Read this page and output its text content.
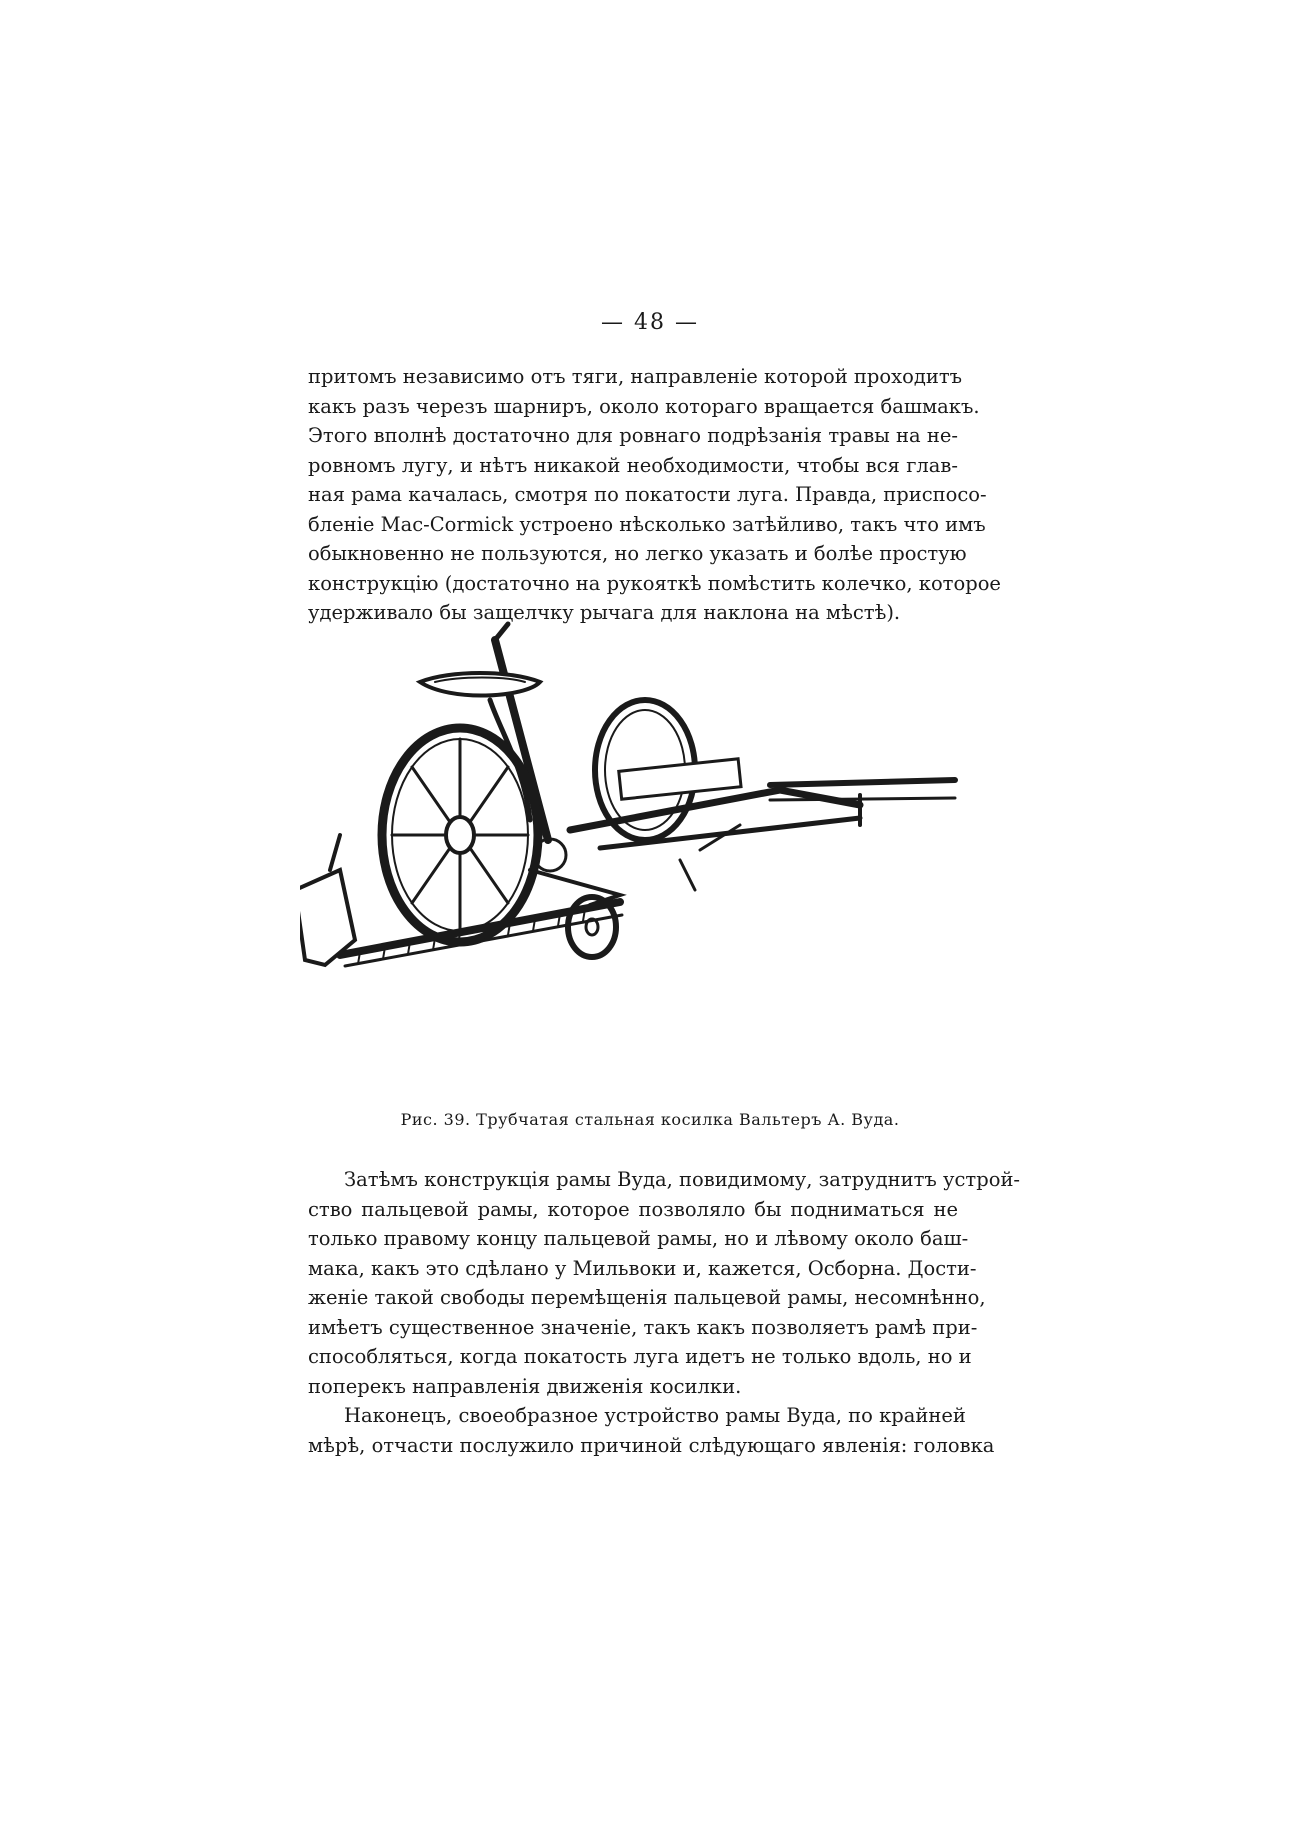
— 48 —
притомъ независимо отъ тяги, направленіе которой проходитъ
какъ разъ черезъ шарниръ, около котораго вращается башмакъ.
Этого вполнѣ достаточно для ровнаго подрѣзанія травы на не-
ровномъ лугу, и нѣтъ никакой необходимости, чтобы вся глав-
ная рама качалась, смотря по покатости луга. Правда, приспосо-
бленіе Mac-Cormick устроено нѣсколько затѣйливо, такъ что имъ
обыкновенно не пользуются, но легко указать и болѣе простую
конструкцію (достаточно на рукояткѣ помѣстить колечко, которое
удерживало бы защелчку рычага для наклона на мѣстѣ).
Рис. 39. Трубчатая стальная косилка Вальтеръ А. Вуда.
Затѣмъ конструкція рамы Вуда, повидимому, затруднитъ устрой-
ство пальцевой рамы, которое позволяло бы подниматься не
только правому концу пальцевой рамы, но и лѣвому около баш-
мака, какъ это сдѣлано у Мильвоки и, кажется, Осборна. Дости-
женіе такой свободы перемѣщенія пальцевой рамы, несомнѣнно,
имѣетъ существенное значеніе, такъ какъ позволяетъ рамѣ при-
способляться, когда покатость луга идетъ не только вдоль, но и
поперекъ направленія движенія косилки.
Наконецъ, своеобразное устройство рамы Вуда, по крайней
мѣрѣ, отчасти послужило причиной слѣдующаго явленія: головка
